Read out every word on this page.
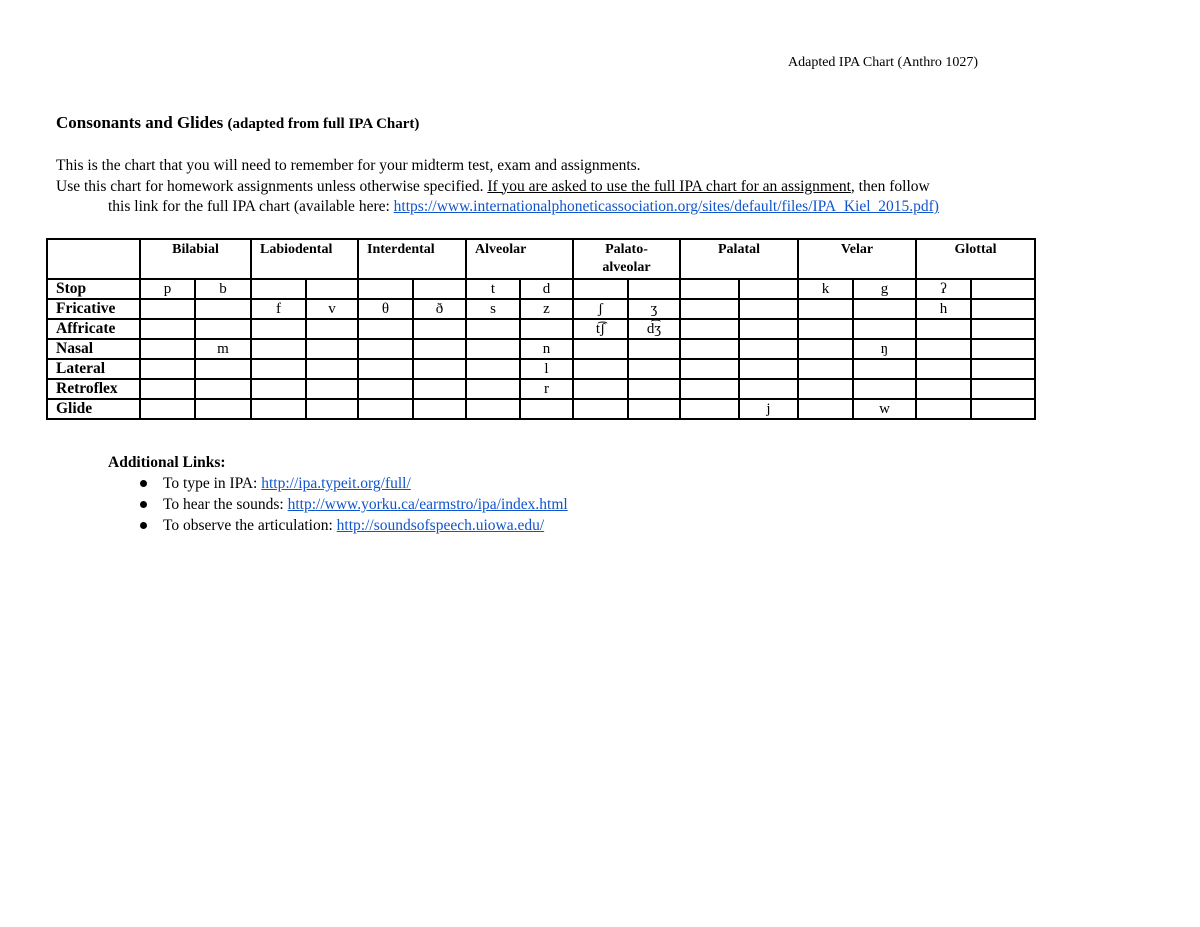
Adapted IPA Chart (Anthro 1027)
Consonants and Glides (adapted from full IPA Chart)
This is the chart that you will need to remember for your midterm test, exam and assignments.
Use this chart for homework assignments unless otherwise specified. If you are asked to use the full IPA chart for an assignment, then follow
this link for the full IPA chart (available here: https://www.internationalphoneticassociation.org/sites/default/files/IPA_Kiel_2015.pdf)
	Bilabial		Labiodental		Interdental		Alveolar		Palato-
alveolar		Palatal		Velar		Glottal	
Stop	p	b					t	d					k	g	ʔ	
Fricative			f	v	θ	ð	s	z	ʃ	ʒ					h	
Affricate									t͡ʃ	d͡ʒ						
Nasal		m						n						ŋ		
Lateral								l								
Retroflex								r								
Glide												j		w		
Additional Links:
To type in IPA: http://ipa.typeit.org/full/
To hear the sounds: http://www.yorku.ca/earmstro/ipa/index.html
To observe the articulation: http://soundsofspeech.uiowa.edu/
